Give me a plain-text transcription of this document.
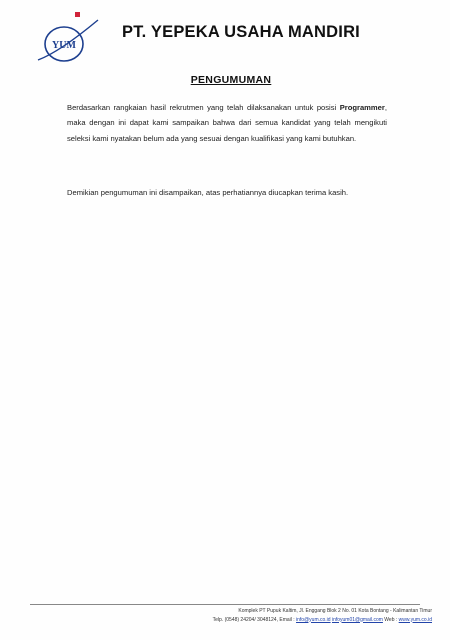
YUM
PT. YEPEKA USAHA MANDIRI
PENGUMUMAN
Berdasarkan rangkaian hasil rekrutmen yang telah dilaksanakan untuk posisi Programmer, maka dengan ini dapat kami sampaikan bahwa dari semua kandidat yang telah mengikuti seleksi kami nyatakan belum ada yang sesuai dengan kualifikasi yang kami butuhkan.
Demikian pengumuman ini disampaikan, atas perhatiannya diucapkan terima kasih.
Komplek PT Pupuk Kaltim, Jl. Enggang Blok 2 No. 01 Kota Bontang - Kalimantan Timur
Telp. (0548) 24204/ 3048124, Email : info@yum.co.id infoyum01@gmail.com Web : www.yum.co.id
